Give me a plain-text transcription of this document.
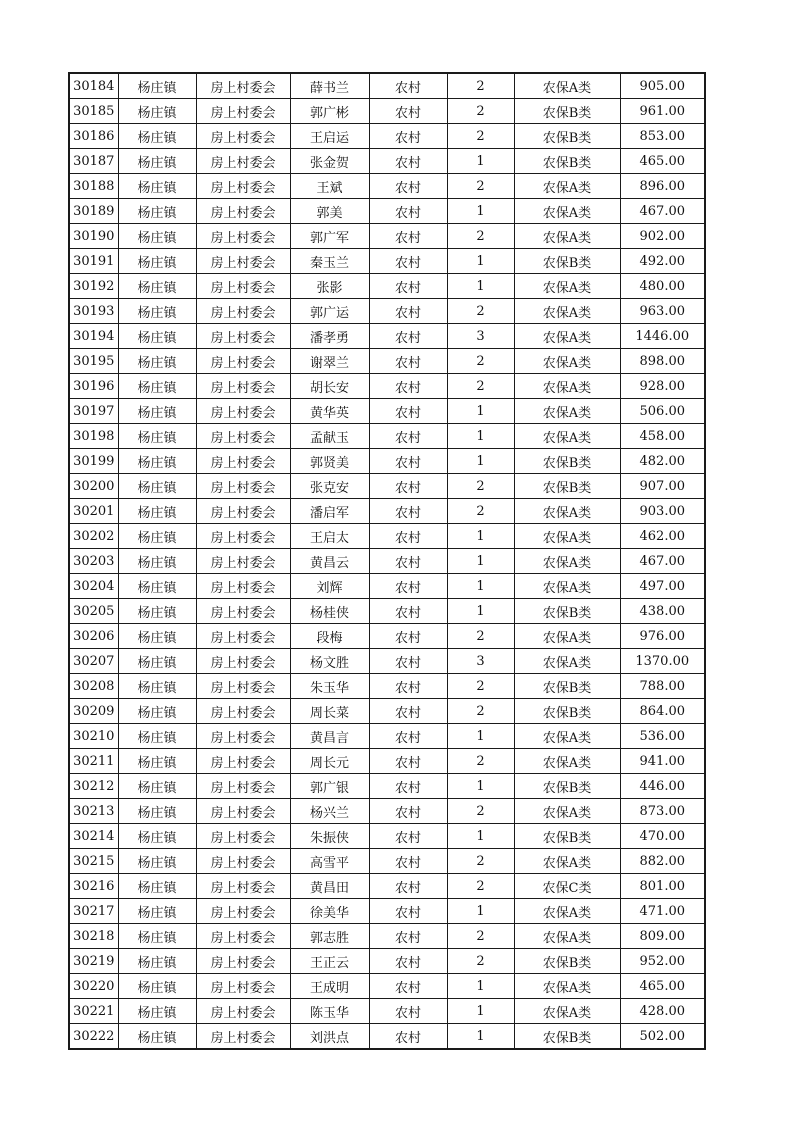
30184	杨庄镇	房上村委会	薛书兰	农村	2	农保A类	905.00
30185	杨庄镇	房上村委会	郭广彬	农村	2	农保B类	961.00
30186	杨庄镇	房上村委会	王启运	农村	2	农保B类	853.00
30187	杨庄镇	房上村委会	张金贺	农村	1	农保B类	465.00
30188	杨庄镇	房上村委会	王斌	农村	2	农保A类	896.00
30189	杨庄镇	房上村委会	郭美	农村	1	农保A类	467.00
30190	杨庄镇	房上村委会	郭广军	农村	2	农保A类	902.00
30191	杨庄镇	房上村委会	秦玉兰	农村	1	农保B类	492.00
30192	杨庄镇	房上村委会	张影	农村	1	农保A类	480.00
30193	杨庄镇	房上村委会	郭广运	农村	2	农保A类	963.00
30194	杨庄镇	房上村委会	潘孝勇	农村	3	农保A类	1446.00
30195	杨庄镇	房上村委会	谢翠兰	农村	2	农保A类	898.00
30196	杨庄镇	房上村委会	胡长安	农村	2	农保A类	928.00
30197	杨庄镇	房上村委会	黄华英	农村	1	农保A类	506.00
30198	杨庄镇	房上村委会	孟献玉	农村	1	农保A类	458.00
30199	杨庄镇	房上村委会	郭贤美	农村	1	农保B类	482.00
30200	杨庄镇	房上村委会	张克安	农村	2	农保B类	907.00
30201	杨庄镇	房上村委会	潘启军	农村	2	农保A类	903.00
30202	杨庄镇	房上村委会	王启太	农村	1	农保A类	462.00
30203	杨庄镇	房上村委会	黄昌云	农村	1	农保A类	467.00
30204	杨庄镇	房上村委会	刘辉	农村	1	农保A类	497.00
30205	杨庄镇	房上村委会	杨桂侠	农村	1	农保B类	438.00
30206	杨庄镇	房上村委会	段梅	农村	2	农保A类	976.00
30207	杨庄镇	房上村委会	杨文胜	农村	3	农保A类	1370.00
30208	杨庄镇	房上村委会	朱玉华	农村	2	农保B类	788.00
30209	杨庄镇	房上村委会	周长菜	农村	2	农保B类	864.00
30210	杨庄镇	房上村委会	黄昌言	农村	1	农保A类	536.00
30211	杨庄镇	房上村委会	周长元	农村	2	农保A类	941.00
30212	杨庄镇	房上村委会	郭广银	农村	1	农保B类	446.00
30213	杨庄镇	房上村委会	杨兴兰	农村	2	农保A类	873.00
30214	杨庄镇	房上村委会	朱振侠	农村	1	农保B类	470.00
30215	杨庄镇	房上村委会	高雪平	农村	2	农保A类	882.00
30216	杨庄镇	房上村委会	黄昌田	农村	2	农保C类	801.00
30217	杨庄镇	房上村委会	徐美华	农村	1	农保A类	471.00
30218	杨庄镇	房上村委会	郭志胜	农村	2	农保A类	809.00
30219	杨庄镇	房上村委会	王正云	农村	2	农保B类	952.00
30220	杨庄镇	房上村委会	王成明	农村	1	农保A类	465.00
30221	杨庄镇	房上村委会	陈玉华	农村	1	农保A类	428.00
30222	杨庄镇	房上村委会	刘洪点	农村	1	农保B类	502.00
